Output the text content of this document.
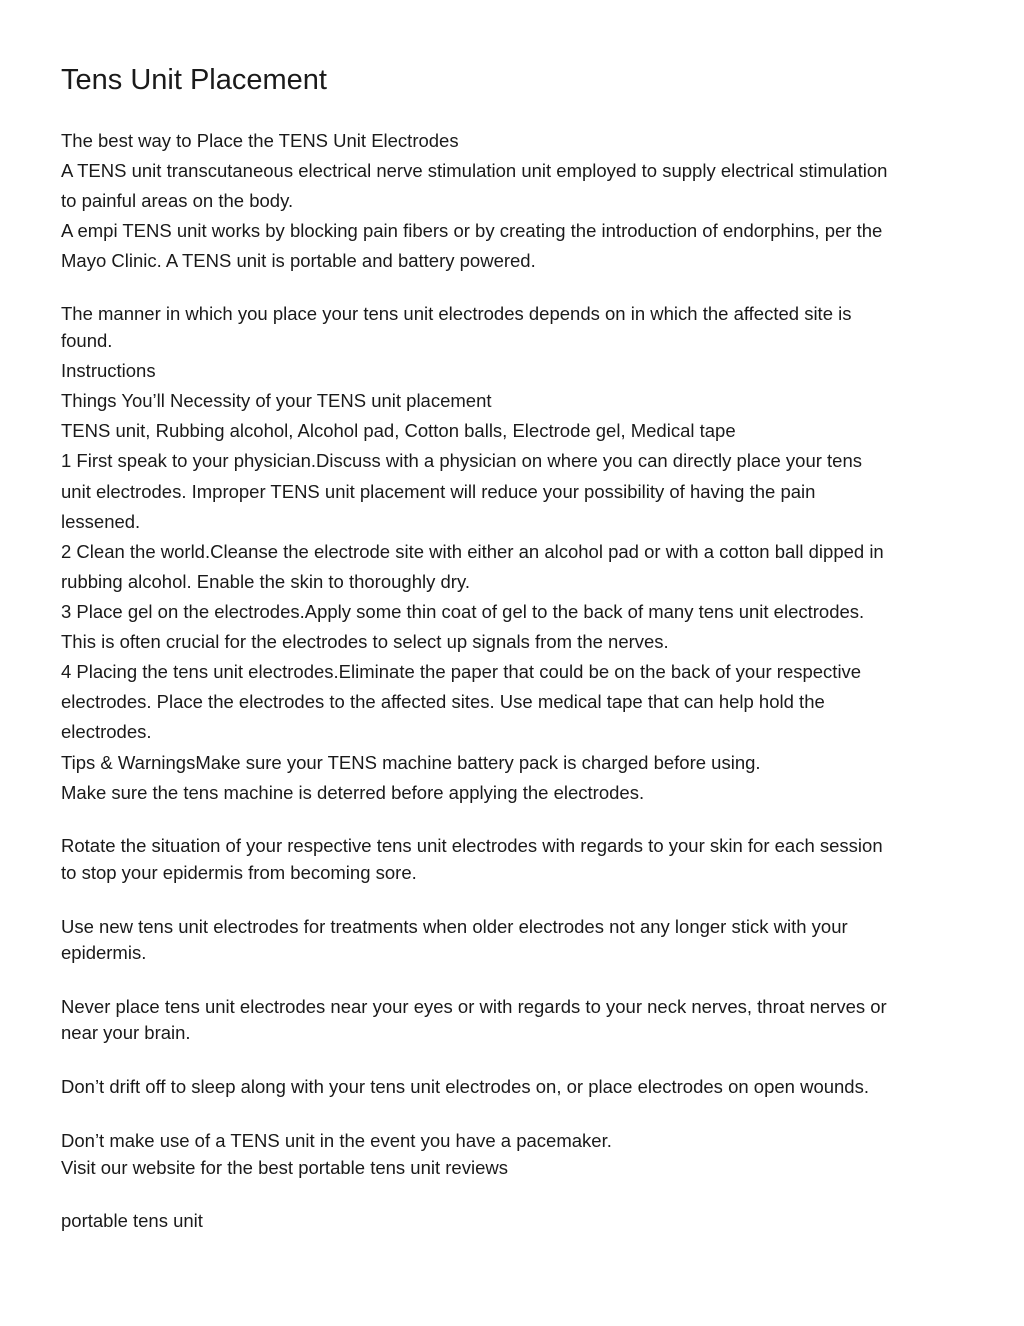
Tens Unit Placement

The best way to Place the TENS Unit Electrodes

A TENS unit transcutaneous electrical nerve stimulation unit employed to supply electrical stimulation

to painful areas on the body.

A empi TENS unit works by blocking pain fibers or by creating the introduction of endorphins, per the

Mayo Clinic. A TENS unit is portable and battery powered.

The manner in which you place your tens unit electrodes depends on in which the affected site is

found.

Instructions

Things You’ll Necessity of your TENS unit placement

TENS unit, Rubbing alcohol, Alcohol pad, Cotton balls, Electrode gel, Medical tape

1 First speak to your physician.Discuss with a physician on where you can directly place your tens

unit electrodes. Improper TENS unit placement will reduce your possibility of having the pain

lessened.

2 Clean the world.Cleanse the electrode site with either an alcohol pad or with a cotton ball dipped in

rubbing alcohol. Enable the skin to thoroughly dry.

3 Place gel on the electrodes.Apply some thin coat of gel to the back of many tens unit electrodes.

This is often crucial for the electrodes to select up signals from the nerves.

4 Placing the tens unit electrodes.Eliminate the paper that could be on the back of your respective

electrodes. Place the electrodes to the affected sites. Use medical tape that can help hold the

electrodes.

Tips & WarningsMake sure your TENS machine battery pack is charged before using.

Make sure the tens machine is deterred before applying the electrodes.

Rotate the situation of your respective tens unit electrodes with regards to your skin for each session

to stop your epidermis from becoming sore.

Use new tens unit electrodes for treatments when older electrodes not any longer stick with your

epidermis.

Never place tens unit electrodes near your eyes or with regards to your neck nerves, throat nerves or

near your brain.

Don’t drift off to sleep along with your tens unit electrodes on, or place electrodes on open wounds.

Don’t make use of a TENS unit in the event you have a pacemaker.

Visit our website for the best portable tens unit reviews

portable tens unit
